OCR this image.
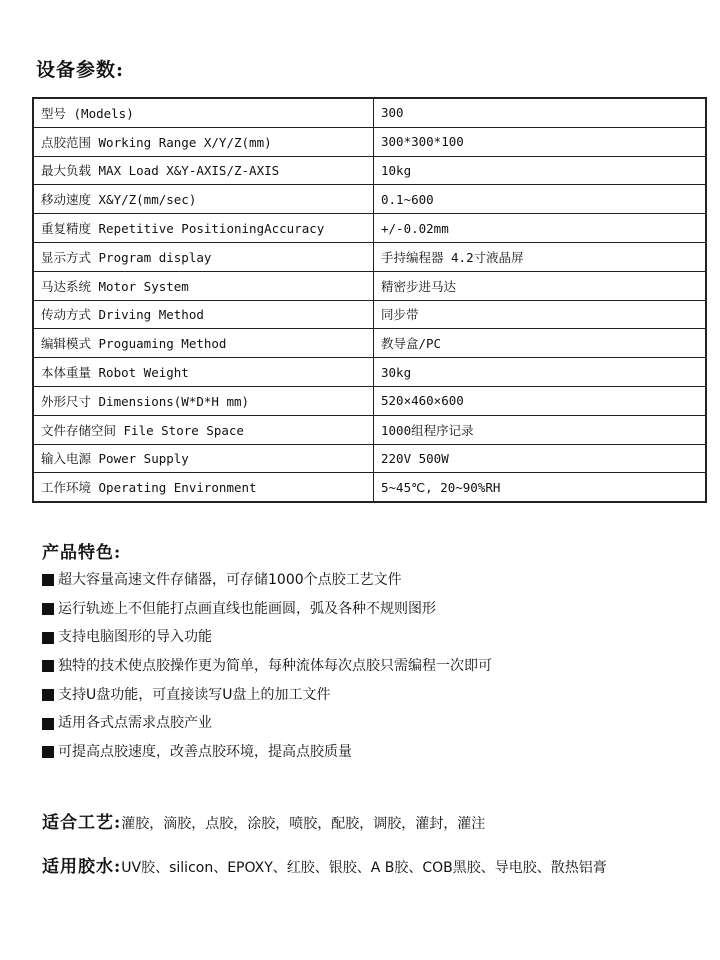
设备参数:
型号 (Models)	300
点胶范围 Working Range X/Y/Z(mm)	300*300*100
最大负载 MAX Load X&Y-AXIS/Z-AXIS	10kg
移动速度 X&Y/Z(mm/sec)	0.1~600
重复精度 Repetitive PositioningAccuracy	+/-0.02mm
显示方式 Program display	手持编程器 4.2寸液晶屏
马达系统 Motor System	精密步进马达
传动方式 Driving Method	同步带
编辑模式 Proguaming Method	教导盒/PC
本体重量 Robot Weight	30kg
外形尺寸 Dimensions(W*D*H mm)	520×460×600
文件存储空间 File Store Space	1000组程序记录
输入电源 Power Supply	220V 500W
工作环境 Operating Environment	5~45℃, 20~90%RH
产品特色:
超大容量高速文件存储器，可存储1000个点胶工艺文件
运行轨迹上不但能打点画直线也能画圆，弧及各种不规则图形
支持电脑图形的导入功能
独特的技术使点胶操作更为简单，每种流体每次点胶只需编程一次即可
支持U盘功能，可直接读写U盘上的加工文件
适用各式点需求点胶产业
可提高点胶速度，改善点胶环境，提高点胶质量
适合工艺: 灌胶，滴胶，点胶，涂胶，喷胶，配胶，调胶，灌封，灌注
适用胶水: UV胶、silicon、EPOXY、红胶、银胶、A B胶、COB黑胶、导电胶、散热铝膏
